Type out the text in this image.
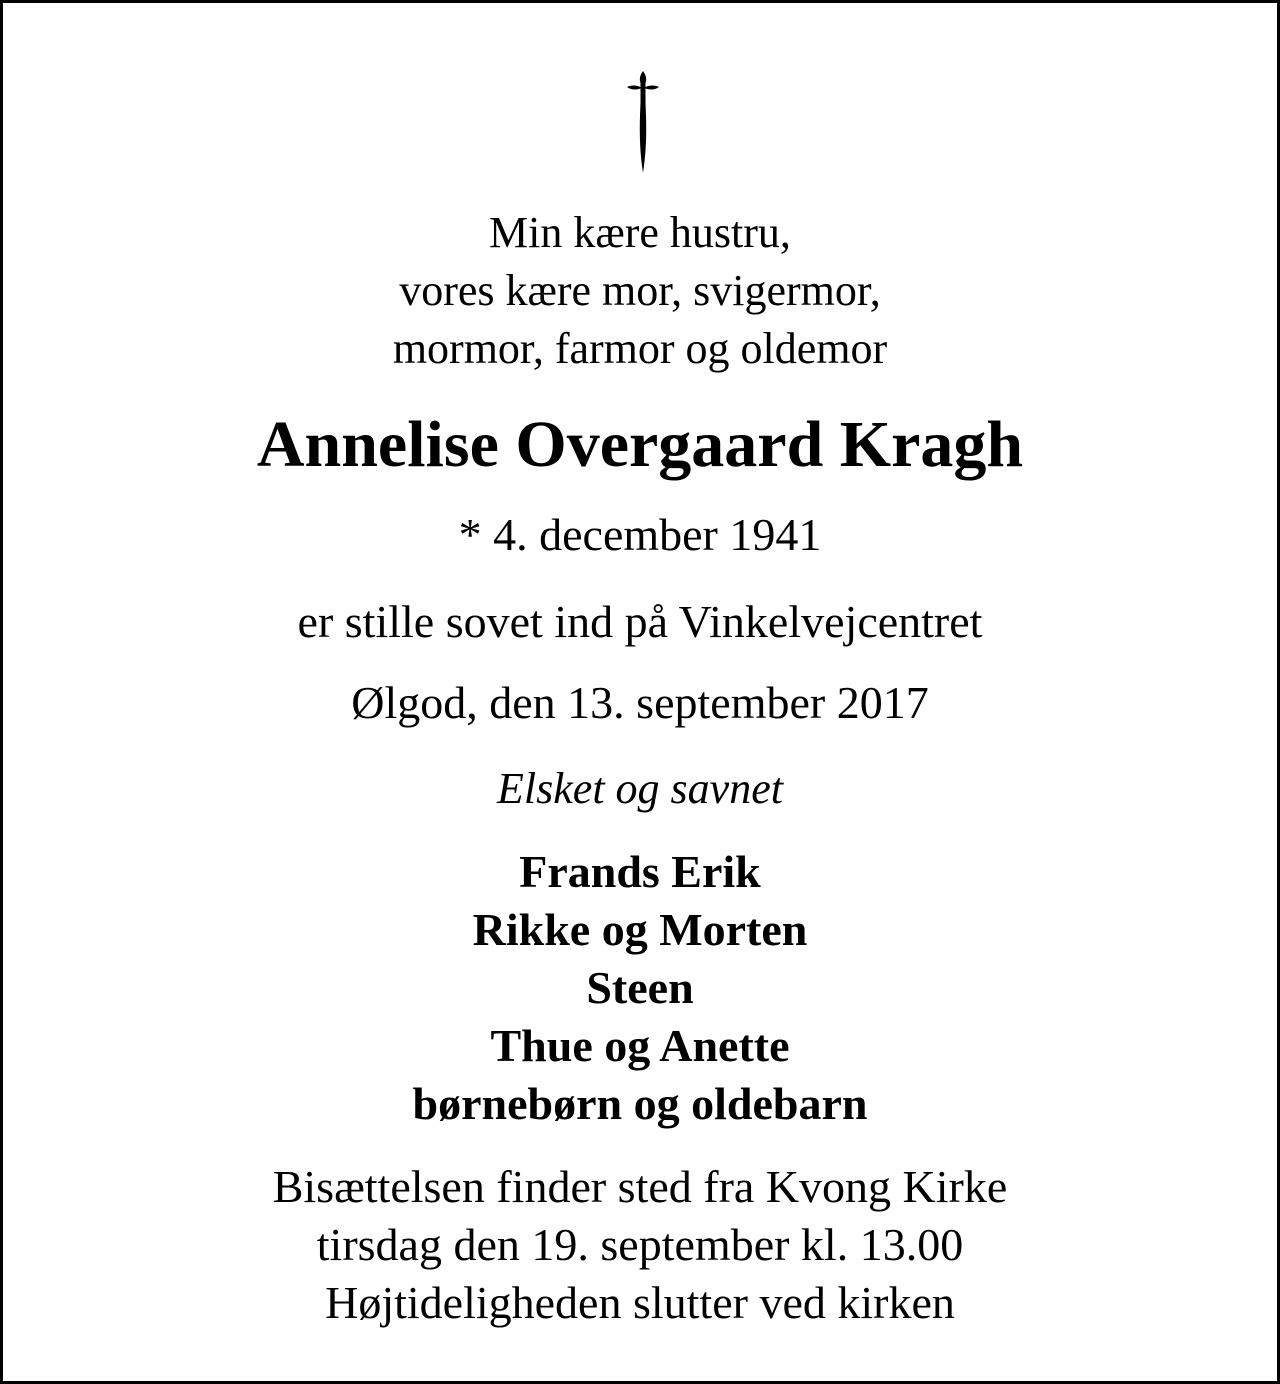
Min kære hustru,
vores kære mor, svigermor,
mormor, farmor og oldemor
Annelise Overgaard Kragh
* 4. december 1941
er stille sovet ind på Vinkelvejcentret
Ølgod, den 13. september 2017
Elsket og savnet
Frands Erik
Rikke og Morten
Steen
Thue og Anette
børnebørn og oldebarn
Bisættelsen finder sted fra Kvong Kirke
tirsdag den 19. september kl. 13.00
Højtideligheden slutter ved kirken
